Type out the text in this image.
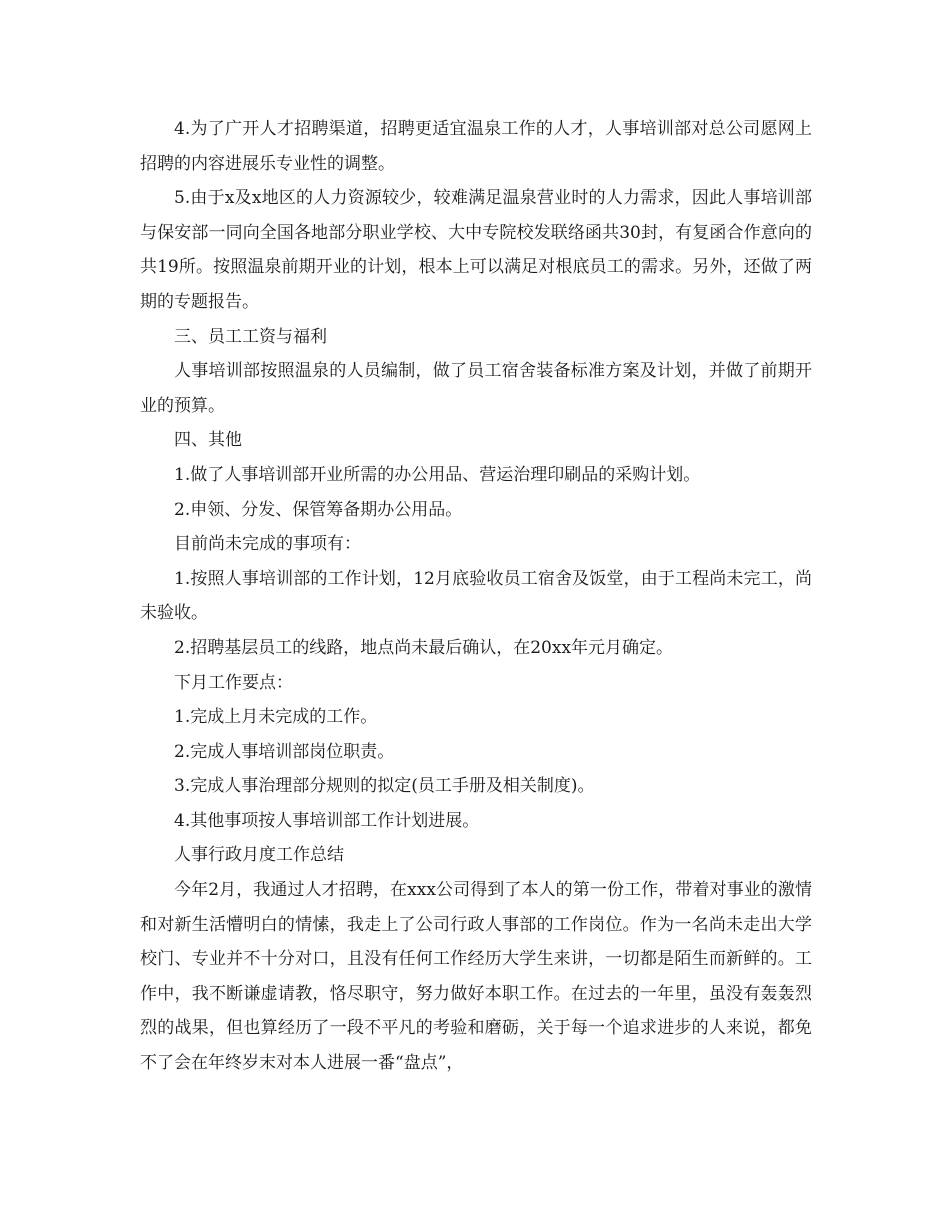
4.为了广开人才招聘渠道，招聘更适宜温泉工作的人才，人事培训部对总公司愿网上招聘的内容进展乐专业性的调整。

5.由于x及x地区的人力资源较少，较难满足温泉营业时的人力需求，因此人事培训部与保安部一同向全国各地部分职业学校、大中专院校发联络函共30封，有复函合作意向的共19所。按照温泉前期开业的计划，根本上可以满足对根底员工的需求。另外，还做了两期的专题报告。

三、员工工资与福利

人事培训部按照温泉的人员编制，做了员工宿舍装备标准方案及计划，并做了前期开业的预算。

四、其他

1.做了人事培训部开业所需的办公用品、营运治理印刷品的采购计划。

2.申领、分发、保管筹备期办公用品。

目前尚未完成的事项有：

1.按照人事培训部的工作计划，12月底验收员工宿舍及饭堂，由于工程尚未完工，尚未验收。

2.招聘基层员工的线路，地点尚未最后确认，在20xx年元月确定。

下月工作要点：

1.完成上月未完成的工作。

2.完成人事培训部岗位职责。

3.完成人事治理部分规则的拟定(员工手册及相关制度)。

4.其他事项按人事培训部工作计划进展。

人事行政月度工作总结

今年2月，我通过人才招聘，在xxx公司得到了本人的第一份工作，带着对事业的激情和对新生活懵明白的情愫，我走上了公司行政人事部的工作岗位。作为一名尚未走出大学校门、专业并不十分对口，且没有任何工作经历大学生来讲，一切都是陌生而新鲜的。工作中，我不断谦虚请教，恪尽职守，努力做好本职工作。在过去的一年里，虽没有轰轰烈烈的战果，但也算经历了一段不平凡的考验和磨砺，关于每一个追求进步的人来说，都免不了会在年终岁末对本人进展一番“盘点”，
